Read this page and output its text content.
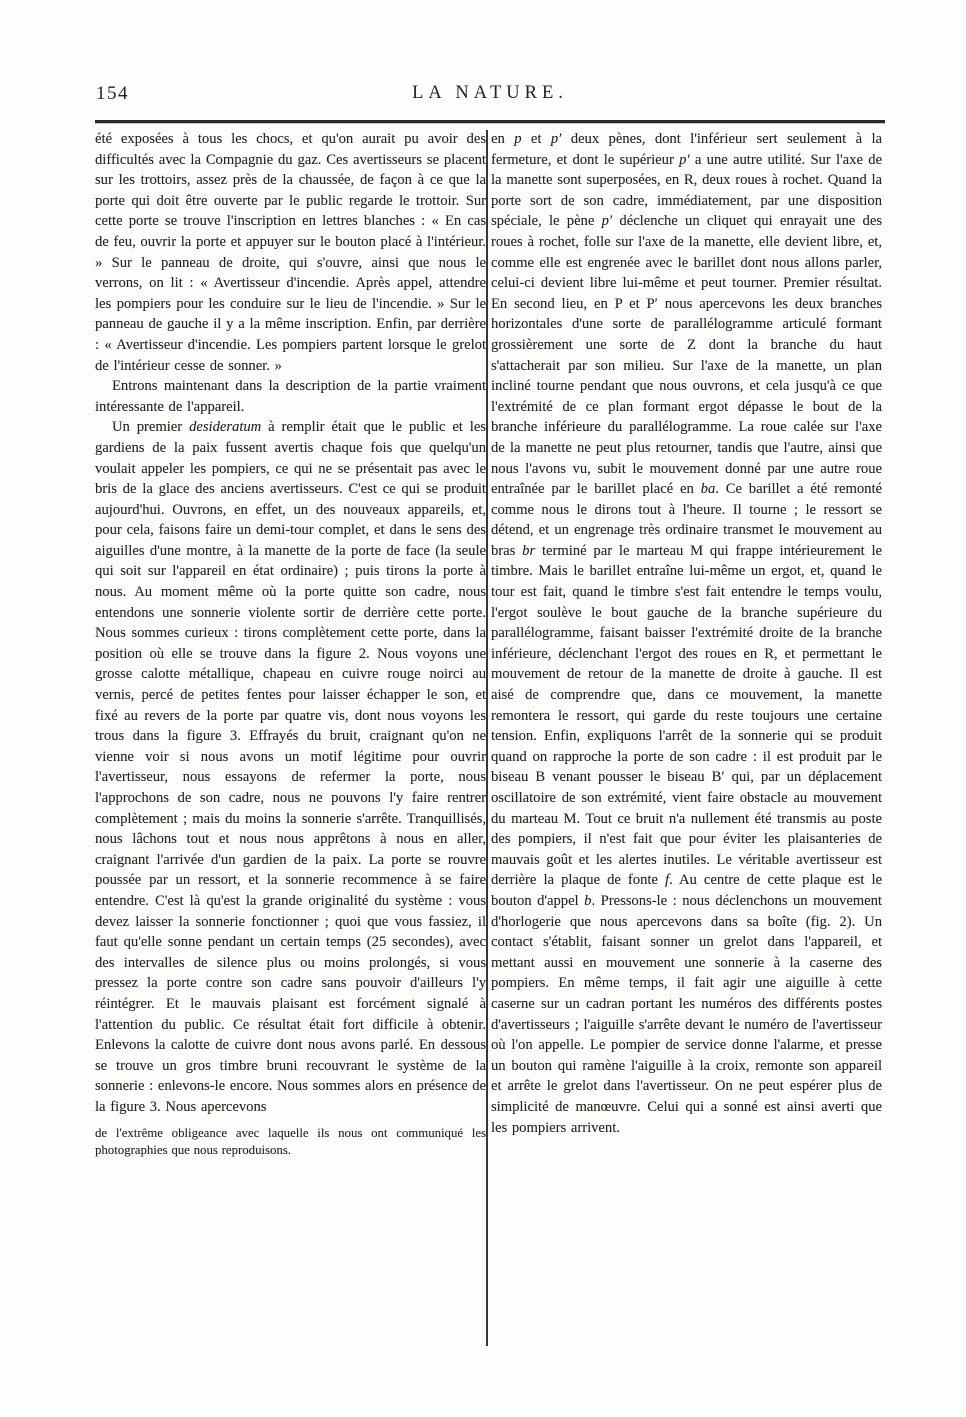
154	LA NATURE.

été exposées à tous les chocs, et qu'on aurait pu avoir des difficultés avec la Compagnie du gaz. Ces avertisseurs se placent sur les trottoirs, assez près de la chaussée, de façon à ce que la porte qui doit être ouverte par le public regarde le trottoir. Sur cette porte se trouve l'inscription en lettres blanches : « En cas de feu, ouvrir la porte et appuyer sur le bouton placé à l'intérieur. » Sur le panneau de droite, qui s'ouvre, ainsi que nous le verrons, on lit : « Avertisseur d'incendie. Après appel, attendre les pompiers pour les conduire sur le lieu de l'incendie. » Sur le panneau de gauche il y a la même inscription. Enfin, par derrière : « Avertisseur d'incendie. Les pompiers partent lorsque le grelot de l'intérieur cesse de sonner. »

Entrons maintenant dans la description de la partie vraiment intéressante de l'appareil.

Un premier desideratum à remplir était que le public et les gardiens de la paix fussent avertis chaque fois que quelqu'un voulait appeler les pompiers, ce qui ne se présentait pas avec le bris de la glace des anciens avertisseurs. C'est ce qui se produit aujourd'hui. Ouvrons, en effet, un des nouveaux appareils, et, pour cela, faisons faire un demi-tour complet, et dans le sens des aiguilles d'une montre, à la manette de la porte de face (la seule qui soit sur l'appareil en état ordinaire) ; puis tirons la porte à nous. Au moment même où la porte quitte son cadre, nous entendons une sonnerie violente sortir de derrière cette porte. Nous sommes curieux : tirons complètement cette porte, dans la position où elle se trouve dans la figure 2. Nous voyons une grosse calotte métallique, chapeau en cuivre rouge noirci au vernis, percé de petites fentes pour laisser échapper le son, et fixé au revers de la porte par quatre vis, dont nous voyons les trous dans la figure 3. Effrayés du bruit, craignant qu'on ne vienne voir si nous avons un motif légitime pour ouvrir l'avertisseur, nous essayons de refermer la porte, nous l'approchons de son cadre, nous ne pouvons l'y faire rentrer complètement ; mais du moins la sonnerie s'arrête. Tranquillisés, nous lâchons tout et nous nous apprêtons à nous en aller, craignant l'arrivée d'un gardien de la paix. La porte se rouvre poussée par un ressort, et la sonnerie recommence à se faire entendre. C'est là qu'est la grande originalité du système : vous devez laisser la sonnerie fonctionner ; quoi que vous fassiez, il faut qu'elle sonne pendant un certain temps (25 secondes), avec des intervalles de silence plus ou moins prolongés, si vous pressez la porte contre son cadre sans pouvoir d'ailleurs l'y réintégrer. Et le mauvais plaisant est forcément signalé à l'attention du public. Ce résultat était fort difficile à obtenir. Enlevons la calotte de cuivre dont nous avons parlé. En dessous se trouve un gros timbre bruni recouvrant le système de la sonnerie : enlevons-le encore. Nous sommes alors en présence de la figure 3. Nous apercevons

de l'extrême obligeance avec laquelle ils nous ont communiqué les photographies que nous reproduisons.

en p et p′ deux pènes, dont l'inférieur sert seulement à la fermeture, et dont le supérieur p′ a une autre utilité. Sur l'axe de la manette sont superposées, en R, deux roues à rochet. Quand la porte sort de son cadre, immédiatement, par une disposition spéciale, le pène p′ déclenche un cliquet qui enrayait une des roues à rochet, folle sur l'axe de la manette, elle devient libre, et, comme elle est engrenée avec le barillet dont nous allons parler, celui-ci devient libre lui-même et peut tourner. Premier résultat. En second lieu, en P et P′ nous apercevons les deux branches horizontales d'une sorte de parallélogramme articulé formant grossièrement une sorte de Z dont la branche du haut s'attacherait par son milieu. Sur l'axe de la manette, un plan incliné tourne pendant que nous ouvrons, et cela jusqu'à ce que l'extrémité de ce plan formant ergot dépasse le bout de la branche inférieure du parallélogramme. La roue calée sur l'axe de la manette ne peut plus retourner, tandis que l'autre, ainsi que nous l'avons vu, subit le mouvement donné par une autre roue entraînée par le barillet placé en ba. Ce barillet a été remonté comme nous le dirons tout à l'heure. Il tourne ; le ressort se détend, et un engrenage très ordinaire transmet le mouvement au bras br terminé par le marteau M qui frappe intérieurement le timbre. Mais le barillet entraîne lui-même un ergot, et, quand le tour est fait, quand le timbre s'est fait entendre le temps voulu, l'ergot soulève le bout gauche de la branche supérieure du parallélogramme, faisant baisser l'extrémité droite de la branche inférieure, déclenchant l'ergot des roues en R, et permettant le mouvement de retour de la manette de droite à gauche. Il est aisé de comprendre que, dans ce mouvement, la manette remontera le ressort, qui garde du reste toujours une certaine tension. Enfin, expliquons l'arrêt de la sonnerie qui se produit quand on rapproche la porte de son cadre : il est produit par le biseau B venant pousser le biseau B′ qui, par un déplacement oscillatoire de son extrémité, vient faire obstacle au mouvement du marteau M. Tout ce bruit n'a nullement été transmis au poste des pompiers, il n'est fait que pour éviter les plaisanteries de mauvais goût et les alertes inutiles. Le véritable avertisseur est derrière la plaque de fonte f. Au centre de cette plaque est le bouton d'appel b. Pressons-le : nous déclenchons un mouvement d'horlogerie que nous apercevons dans sa boîte (fig. 2). Un contact s'établit, faisant sonner un grelot dans l'appareil, et mettant aussi en mouvement une sonnerie à la caserne des pompiers. En même temps, il fait agir une aiguille à cette caserne sur un cadran portant les numéros des différents postes d'avertisseurs ; l'aiguille s'arrête devant le numéro de l'avertisseur où l'on appelle. Le pompier de service donne l'alarme, et presse un bouton qui ramène l'aiguille à la croix, remonte son appareil et arrête le grelot dans l'avertisseur. On ne peut espérer plus de simplicité de manœuvre. Celui qui a sonné est ainsi averti que les pompiers arrivent.
